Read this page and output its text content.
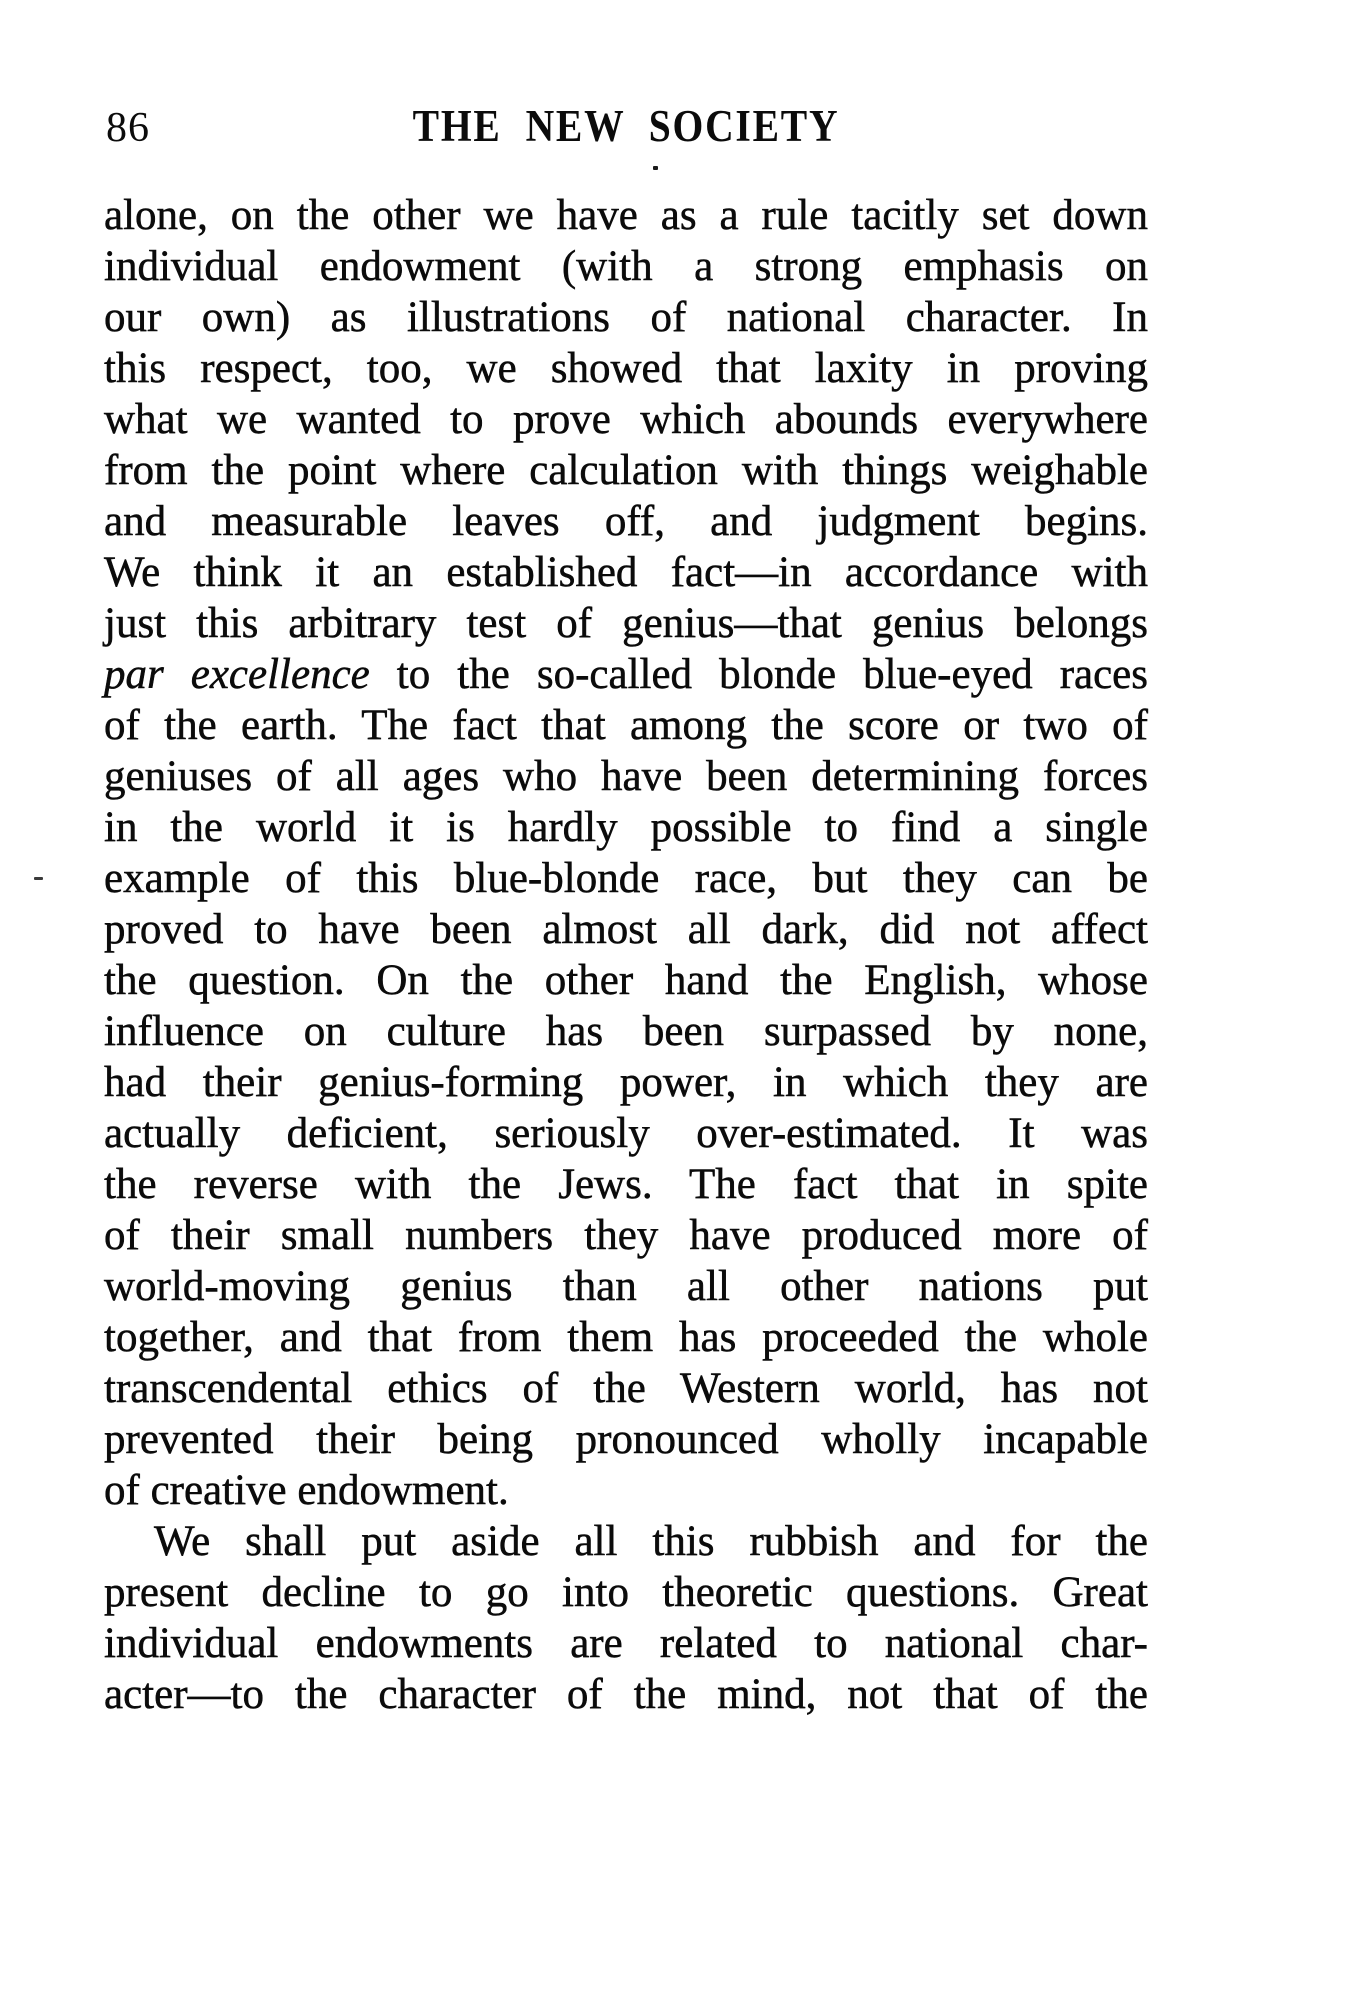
86	THE NEW SOCIETY
alone, on the other we have as a rule tacitly set down
individual endowment (with a strong emphasis on
our own) as illustrations of national character. In
this respect, too, we showed that laxity in proving
what we wanted to prove which abounds everywhere
from the point where calculation with things weighable
and measurable leaves off, and judgment begins.
We think it an established fact—in accordance with
just this arbitrary test of genius—that genius belongs
par excellence to the so-called blonde blue-eyed races
of the earth. The fact that among the score or two of
geniuses of all ages who have been determining forces
in the world it is hardly possible to find a single
example of this blue-blonde race, but they can be
proved to have been almost all dark, did not affect
the question. On the other hand the English, whose
influence on culture has been surpassed by none,
had their genius-forming power, in which they are
actually deficient, seriously over-estimated. It was
the reverse with the Jews. The fact that in spite
of their small numbers they have produced more of
world-moving genius than all other nations put
together, and that from them has proceeded the whole
transcendental ethics of the Western world, has not
prevented their being pronounced wholly incapable
of creative endowment.
We shall put aside all this rubbish and for the
present decline to go into theoretic questions. Great
individual endowments are related to national char-
acter—to the character of the mind, not that of the
